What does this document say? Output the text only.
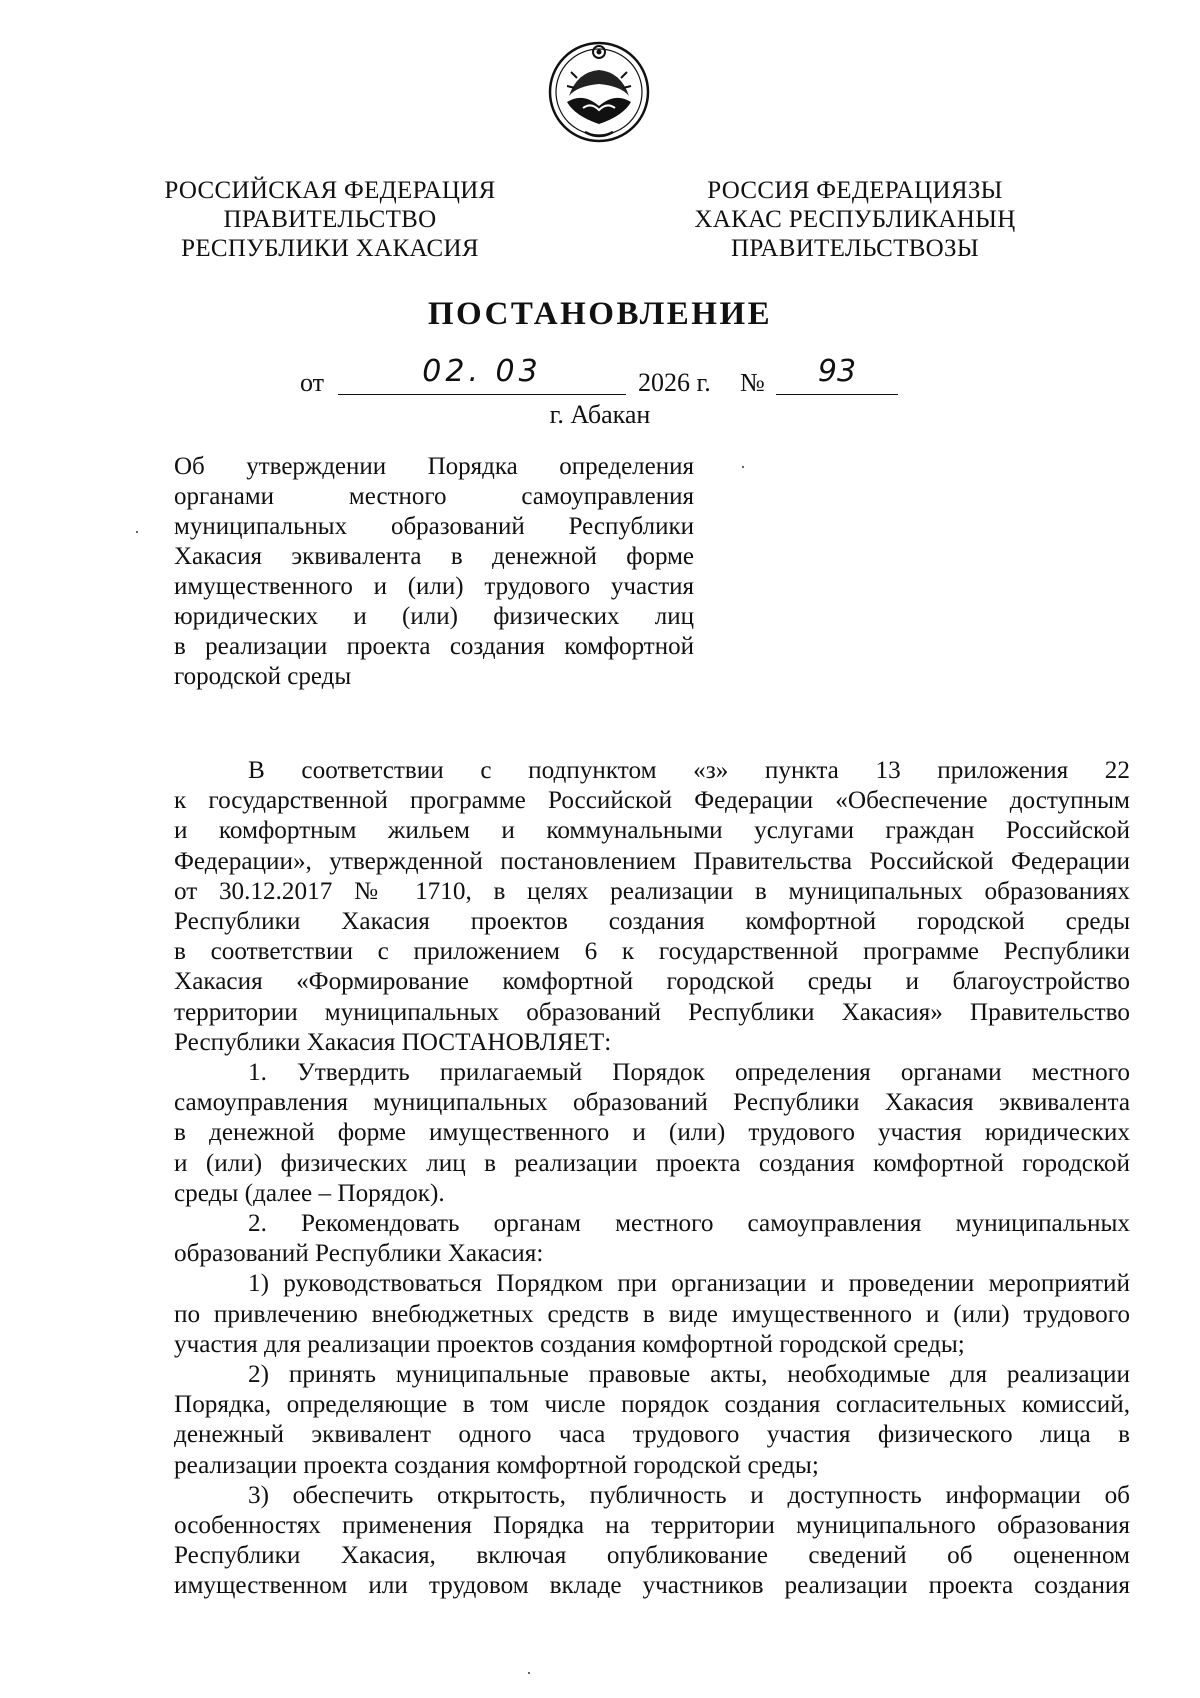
РОССИЙСКАЯ ФЕДЕРАЦИЯ
ПРАВИТЕЛЬСТВО
РЕСПУБЛИКИ ХАКАСИЯ
РОССИЯ ФЕДЕРАЦИЯЗЫ
ХАКАС РЕСПУБЛИКАНЫҢ
ПРАВИТЕЛЬСТВОЗЫ
ПОСТАНОВЛЕНИЕ
от	02. 03	2026 г. №	93
г. Абакан
Об утверждении Порядка определения
органами местного самоуправления
муниципальных образований Республики
Хакасия эквивалента в денежной форме
имущественного и (или) трудового участия
юридических и (или) физических лиц
в реализации проекта создания комфортной
городской среды
В соответствии с подпунктом «з» пункта 13 приложения 22
к государственной программе Российской Федерации «Обеспечение доступным
и комфортным жильем и коммунальными услугами граждан Российской
Федерации», утвержденной постановлением Правительства Российской Федерации
от 30.12.2017 № 1710, в целях реализации в муниципальных образованиях
Республики Хакасия проектов создания комфортной городской среды
в соответствии с приложением 6 к государственной программе Республики
Хакасия «Формирование комфортной городской среды и благоустройство
территории муниципальных образований Республики Хакасия» Правительство
Республики Хакасия ПОСТАНОВЛЯЕТ:
1. Утвердить прилагаемый Порядок определения органами местного
самоуправления муниципальных образований Республики Хакасия эквивалента
в денежной форме имущественного и (или) трудового участия юридических
и (или) физических лиц в реализации проекта создания комфортной городской
среды (далее – Порядок).
2. Рекомендовать органам местного самоуправления муниципальных
образований Республики Хакасия:
1) руководствоваться Порядком при организации и проведении мероприятий
по привлечению внебюджетных средств в виде имущественного и (или) трудового
участия для реализации проектов создания комфортной городской среды;
2) принять муниципальные правовые акты, необходимые для реализации
Порядка, определяющие в том числе порядок создания согласительных комиссий,
денежный эквивалент одного часа трудового участия физического лица в
реализации проекта создания комфортной городской среды;
3) обеспечить открытость, публичность и доступность информации об
особенностях применения Порядка на территории муниципального образования
Республики Хакасия, включая опубликование сведений об оцененном
имущественном или трудовом вкладе участников реализации проекта создания
